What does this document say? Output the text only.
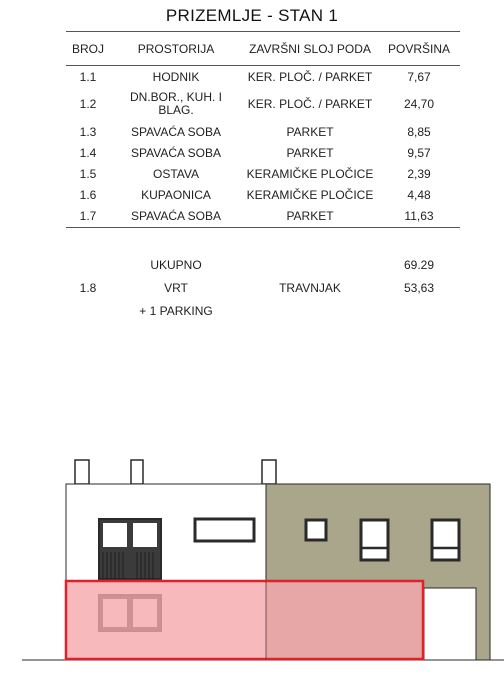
PRIZEMLJE - STAN 1
BROJ	PROSTORIJA	ZAVRŠNI SLOJ PODA	POVRŠINA
1.1	HODNIK	KER. PLOČ. / PARKET	7,67
1.2	DN.BOR., KUH. I BLAG.	KER. PLOČ. / PARKET	24,70
1.3	SPAVAĆA SOBA	PARKET	8,85
1.4	SPAVAĆA SOBA	PARKET	9,57
1.5	OSTAVA	KERAMIČKE PLOČICE	2,39
1.6	KUPAONICA	KERAMIČKE PLOČICE	4,48
1.7	SPAVAĆA SOBA	PARKET	11,63
UKUPNO	69.29
1.8	VRT	TRAVNJAK	53,63
+ 1 PARKING
